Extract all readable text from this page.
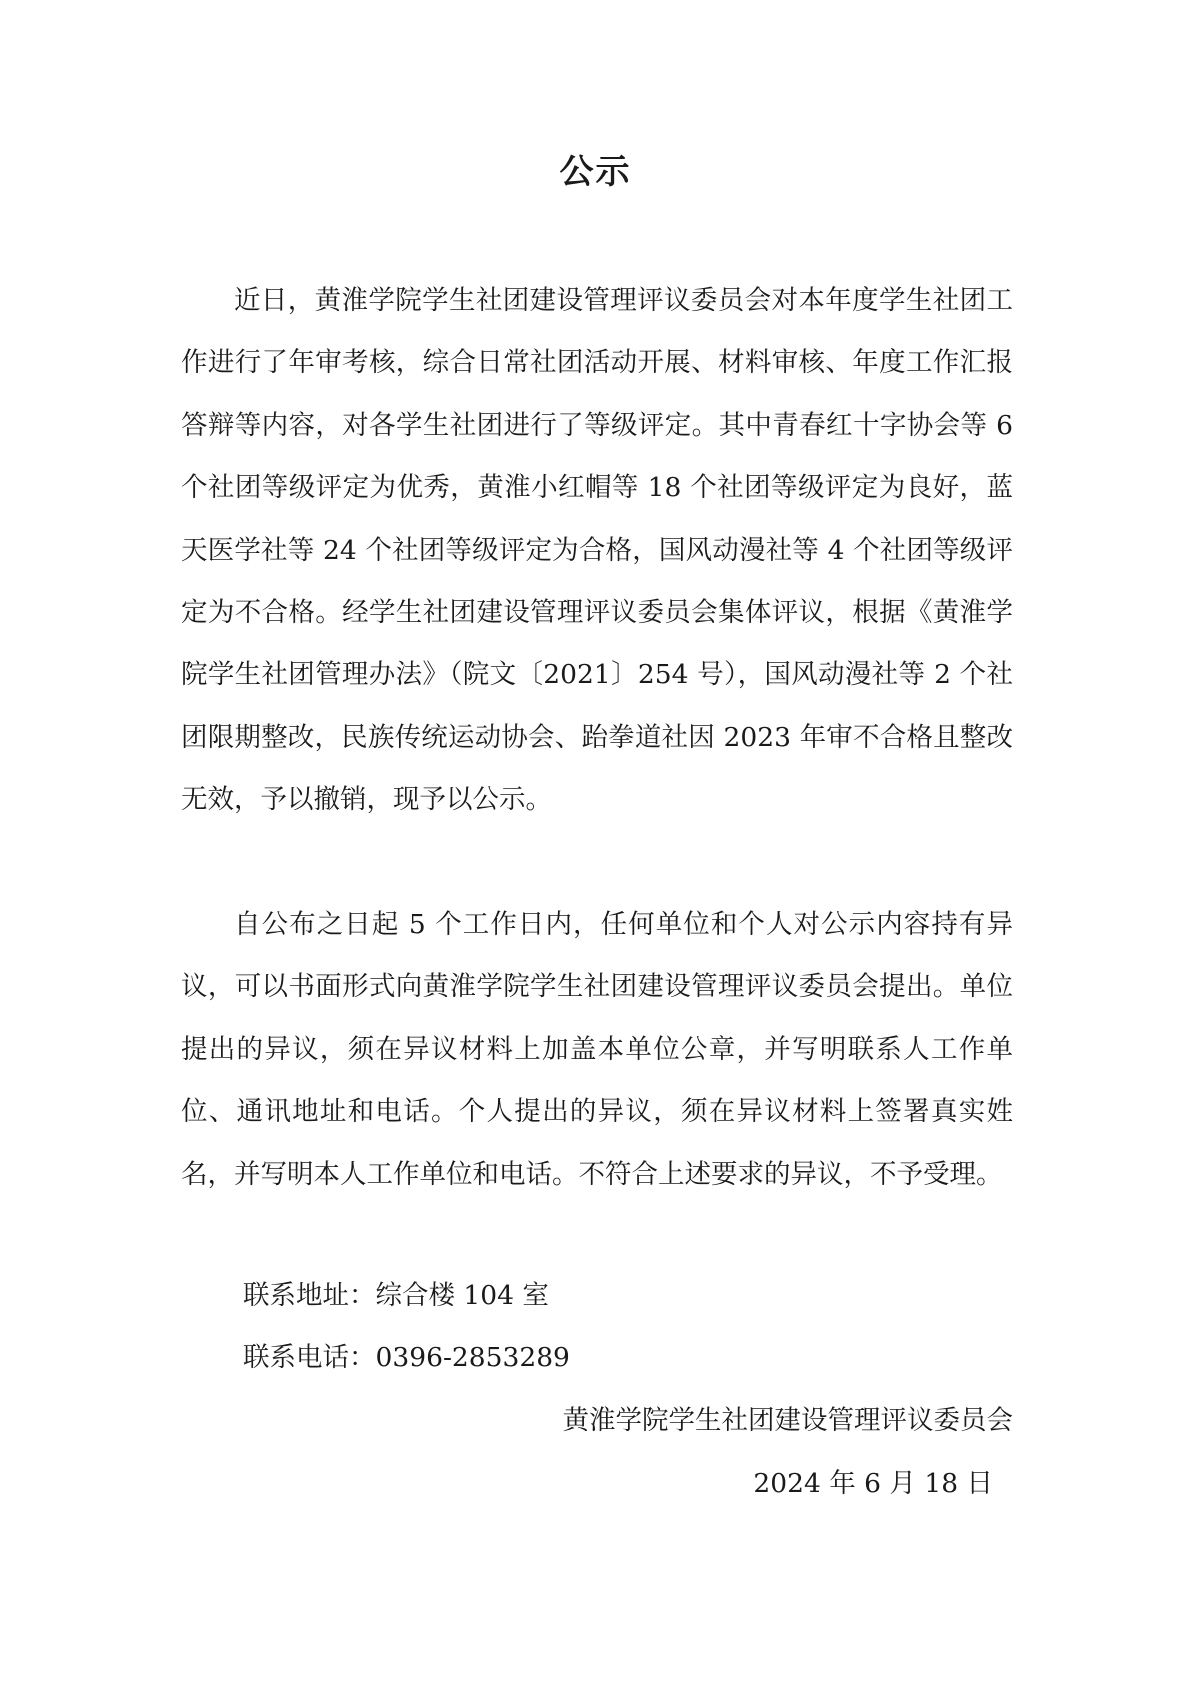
公示

近日，黄淮学院学生社团建设管理评议委员会对本年度学生社团工作进行了年审考核，综合日常社团活动开展、材料审核、年度工作汇报答辩等内容，对各学生社团进行了等级评定。其中青春红十字协会等 6 个社团等级评定为优秀，黄淮小红帽等 18 个社团等级评定为良好，蓝天医学社等 24 个社团等级评定为合格，国风动漫社等 4 个社团等级评定为不合格。经学生社团建设管理评议委员会集体评议，根据《黄淮学院学生社团管理办法》（院文〔2021〕254 号），国风动漫社等 2 个社团限期整改，民族传统运动协会、跆拳道社因 2023 年审不合格且整改无效，予以撤销，现予以公示。

自公布之日起 5 个工作日内，任何单位和个人对公示内容持有异议，可以书面形式向黄淮学院学生社团建设管理评议委员会提出。单位提出的异议，须在异议材料上加盖本单位公章，并写明联系人工作单位、通讯地址和电话。个人提出的异议，须在异议材料上签署真实姓名，并写明本人工作单位和电话。不符合上述要求的异议，不予受理。

联系地址：综合楼 104 室
联系电话：0396-2853289
黄淮学院学生社团建设管理评议委员会
2024 年 6 月 18 日
